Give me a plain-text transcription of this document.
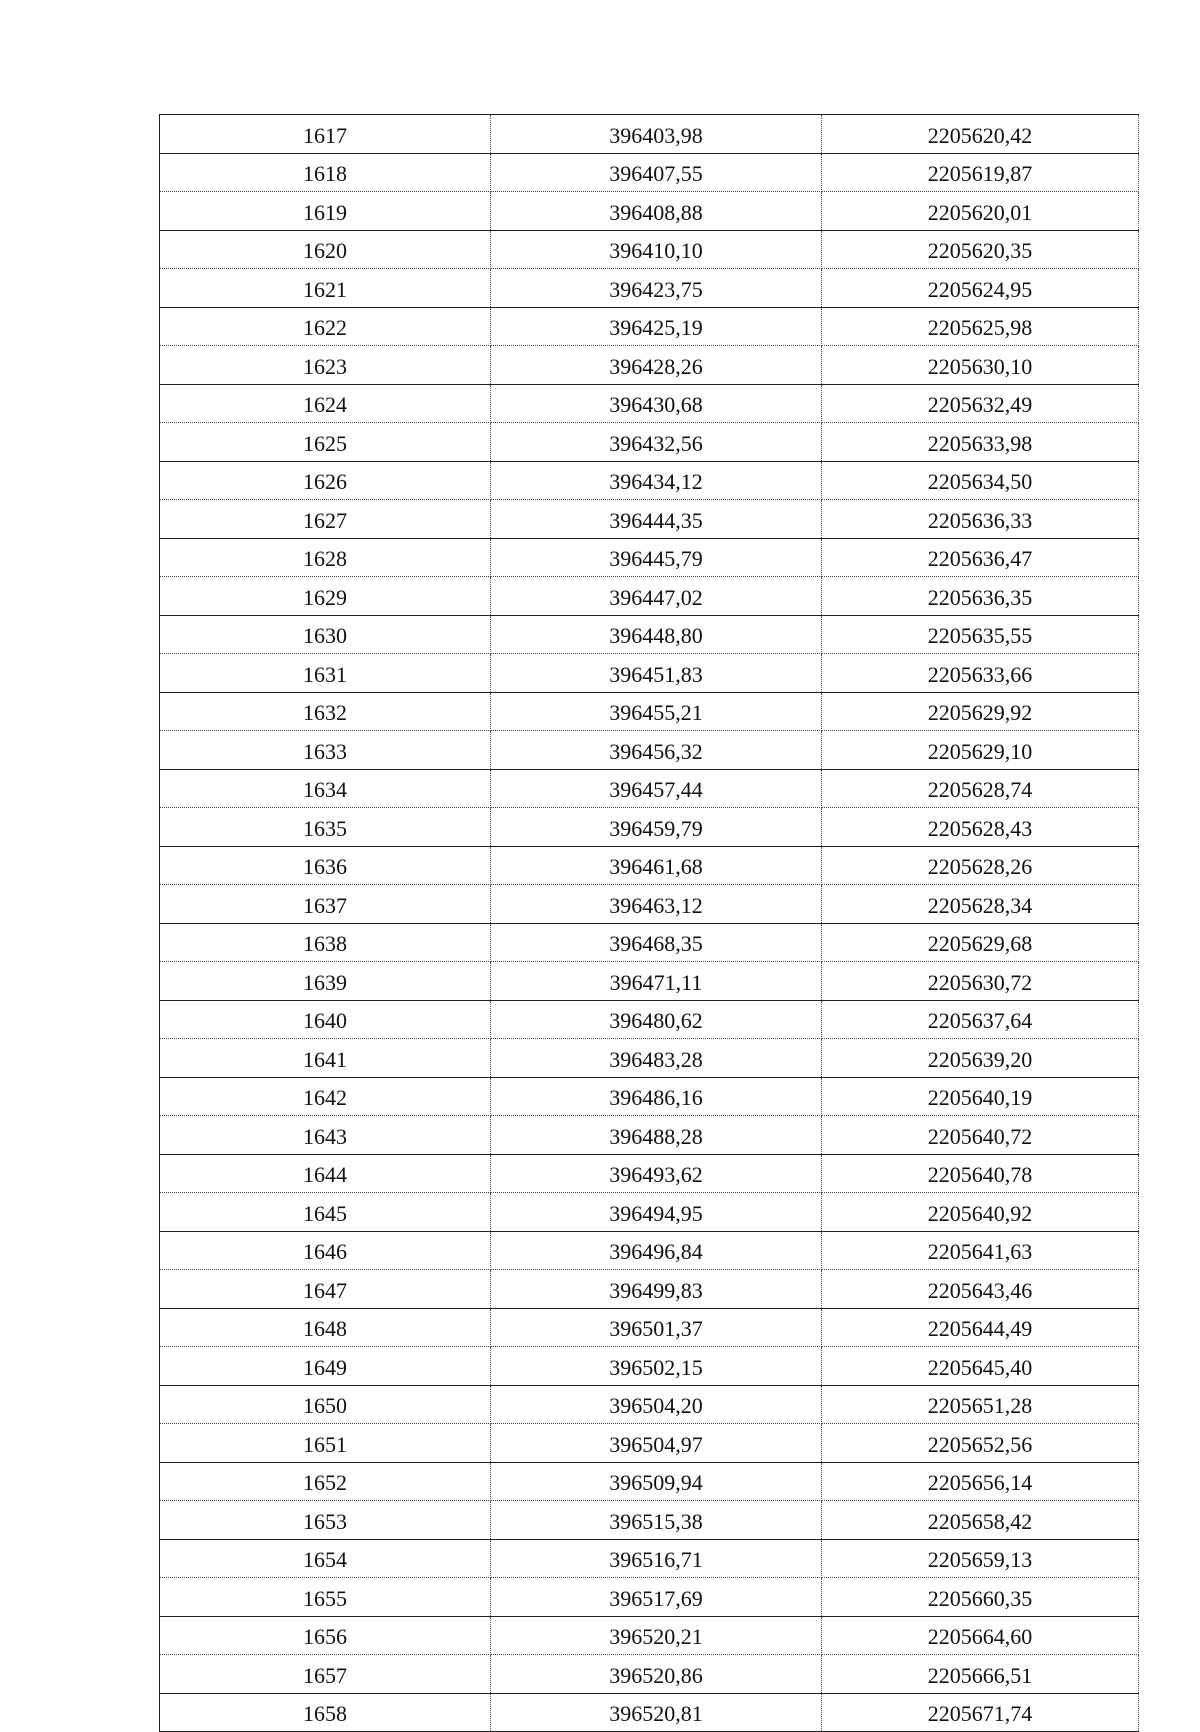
1617	396403,98	2205620,42
1618	396407,55	2205619,87
1619	396408,88	2205620,01
1620	396410,10	2205620,35
1621	396423,75	2205624,95
1622	396425,19	2205625,98
1623	396428,26	2205630,10
1624	396430,68	2205632,49
1625	396432,56	2205633,98
1626	396434,12	2205634,50
1627	396444,35	2205636,33
1628	396445,79	2205636,47
1629	396447,02	2205636,35
1630	396448,80	2205635,55
1631	396451,83	2205633,66
1632	396455,21	2205629,92
1633	396456,32	2205629,10
1634	396457,44	2205628,74
1635	396459,79	2205628,43
1636	396461,68	2205628,26
1637	396463,12	2205628,34
1638	396468,35	2205629,68
1639	396471,11	2205630,72
1640	396480,62	2205637,64
1641	396483,28	2205639,20
1642	396486,16	2205640,19
1643	396488,28	2205640,72
1644	396493,62	2205640,78
1645	396494,95	2205640,92
1646	396496,84	2205641,63
1647	396499,83	2205643,46
1648	396501,37	2205644,49
1649	396502,15	2205645,40
1650	396504,20	2205651,28
1651	396504,97	2205652,56
1652	396509,94	2205656,14
1653	396515,38	2205658,42
1654	396516,71	2205659,13
1655	396517,69	2205660,35
1656	396520,21	2205664,60
1657	396520,86	2205666,51
1658	396520,81	2205671,74
